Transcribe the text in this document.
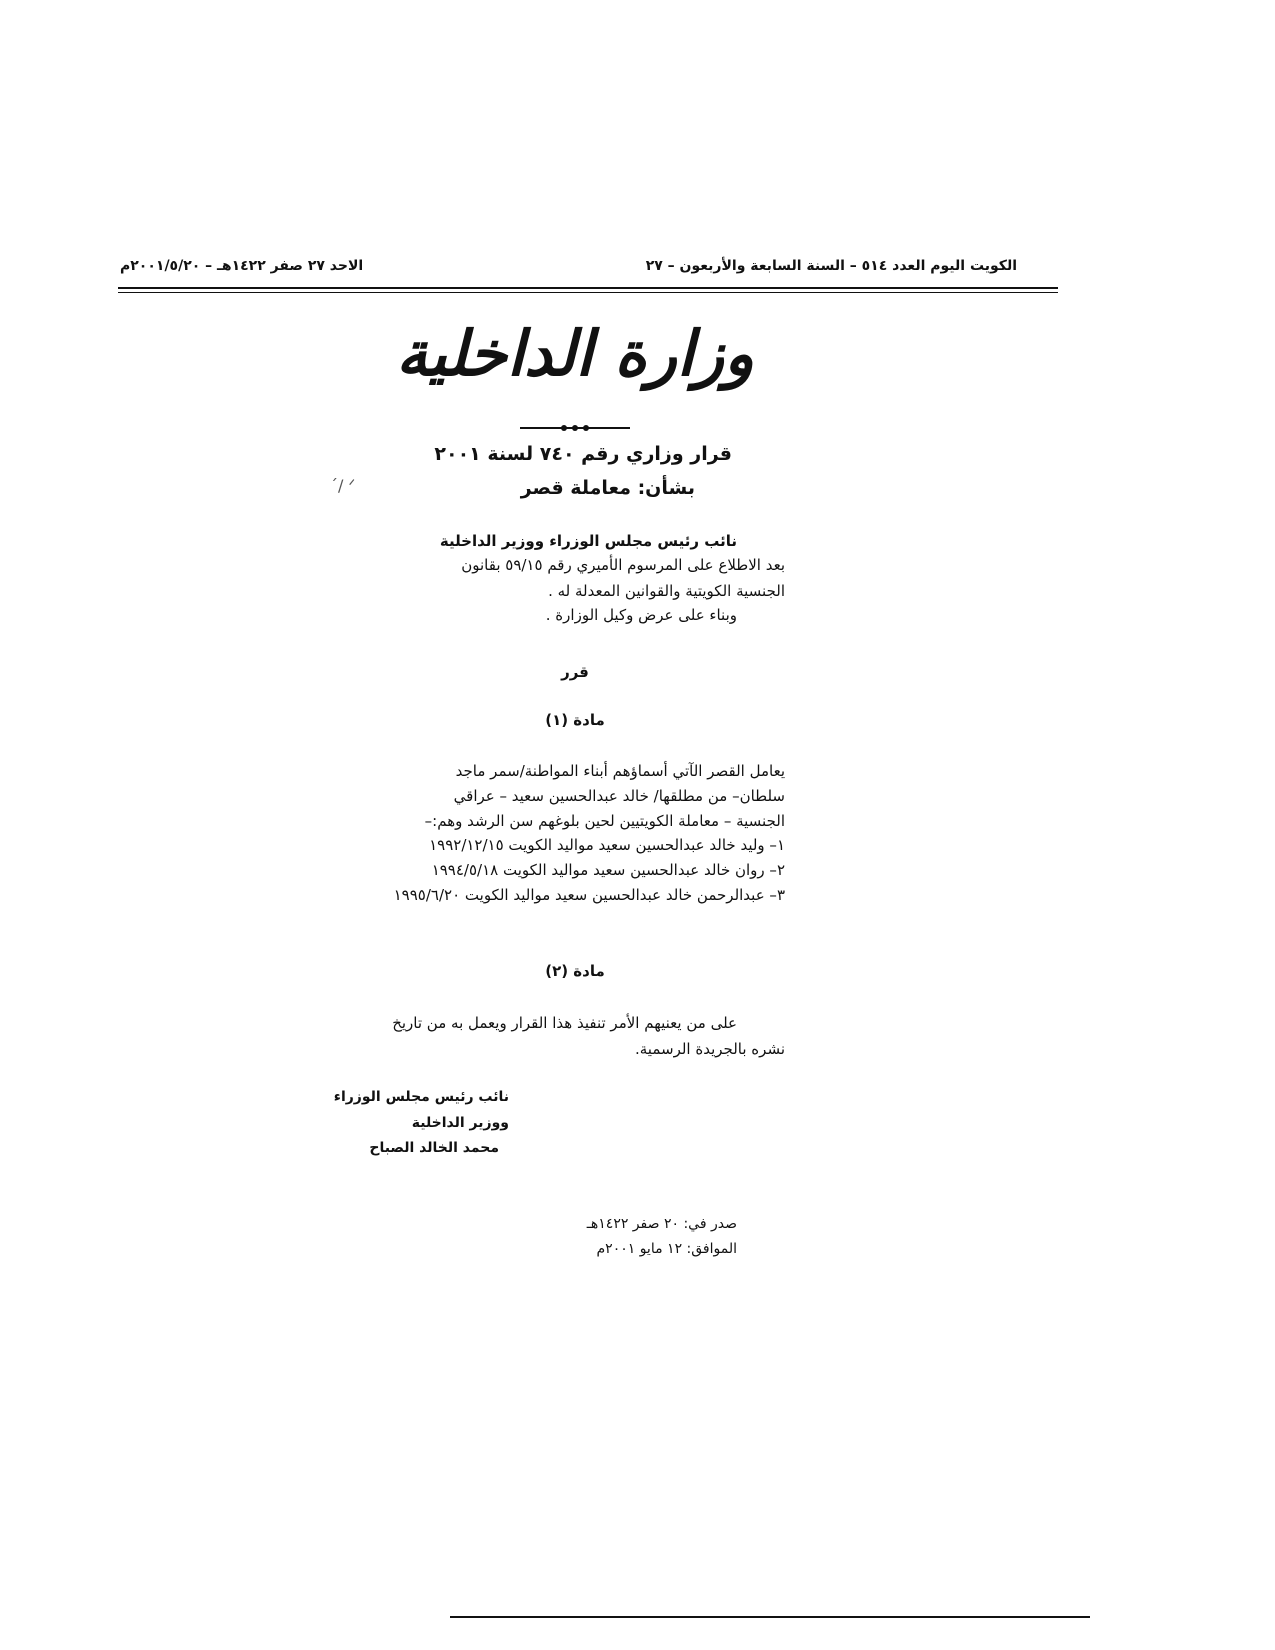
الكويت اليوم العدد ٥١٤ – السنة السابعة والأربعون – ٢٧
الاحد ٢٧ صفر ١٤٢٢هـ – ٢٠٠١/٥/٢٠م
وزارة الداخلية
قرار وزاري رقم ٧٤٠ لسنة ٢٠٠١
بشأن: معاملة قصر
ˊ/ ᐟ
نائب رئيس مجلس الوزراء ووزير الداخلية
بعد الاطلاع على المرسوم الأميري رقم ٥٩/١٥ بقانون
الجنسية الكويتية والقوانين المعدلة له .
وبناء على عرض وكيل الوزارة .
قرر
مادة (١)
يعامل القصر الآتي أسماؤهم أبناء المواطنة/سمر ماجد
سلطان– من مطلقها/ خالد عبدالحسين سعيد – عراقي
الجنسية – معاملة الكويتيين لحين بلوغهم سن الرشد وهم:–
١– وليد خالد عبدالحسين سعيد مواليد الكويت ١٩٩٢/١٢/١٥
٢– روان خالد عبدالحسين سعيد مواليد الكويت ١٩٩٤/٥/١٨
٣– عبدالرحمن خالد عبدالحسين سعيد مواليد الكويت ١٩٩٥/٦/٢٠
مادة (٢)
على من يعنيهم الأمر تنفيذ هذا القرار ويعمل به من تاريخ
نشره بالجريدة الرسمية.
نائب رئيس مجلس الوزراء
ووزير الداخلية
محمد الخالد الصباح
صدر في: ٢٠ صفر ١٤٢٢هـ
الموافق: ١٢ مايو ٢٠٠١م
